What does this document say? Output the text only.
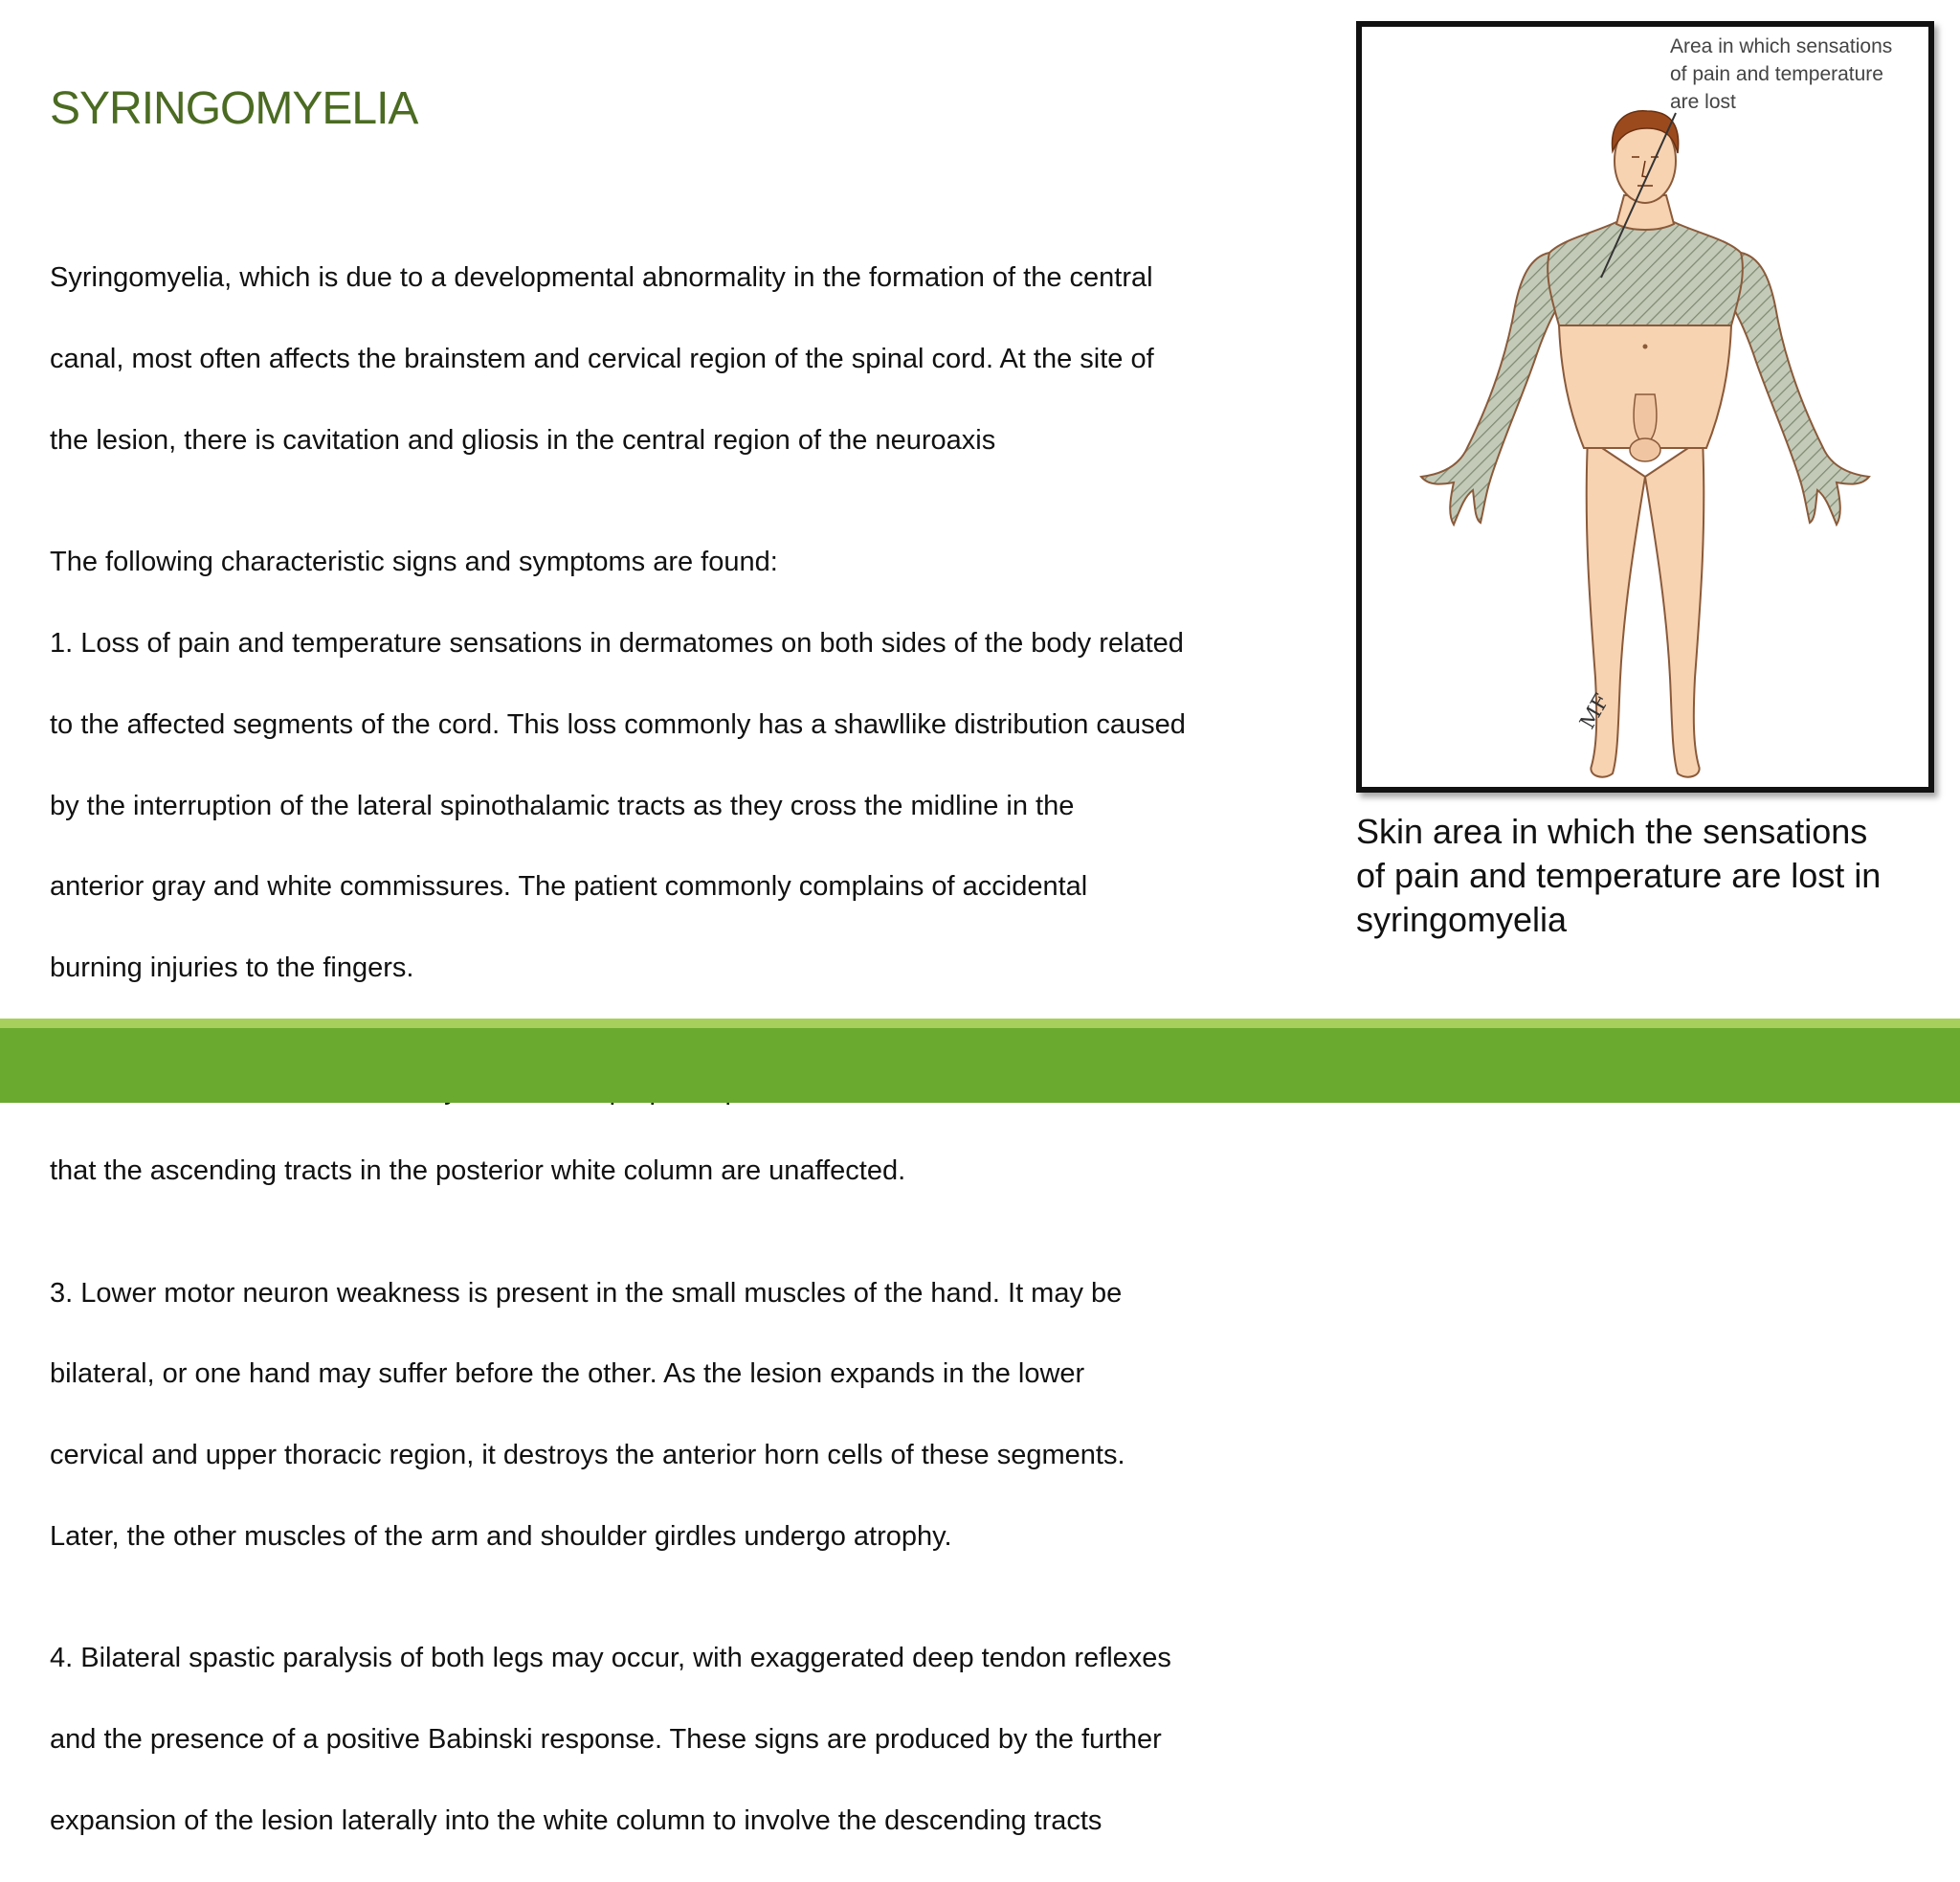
SYRINGOMYELIA

Syringomyelia, which is due to a developmental abnormality in the formation of the central

canal, most often affects the brainstem and cervical region of the spinal cord. At the site of

the lesion, there is cavitation and gliosis in the central region of the neuroaxis

The following characteristic signs and symptoms are found:

1. Loss of pain and temperature sensations in dermatomes on both sides of the body related

to the affected segments of the cord. This loss commonly has a shawllike distribution caused

by the interruption of the lateral spinothalamic tracts as they cross the midline in the

anterior gray and white commissures. The patient commonly complains of accidental

burning injuries to the fingers.

that the ascending tracts in the posterior white column are unaffected.

3. Lower motor neuron weakness is present in the small muscles of the hand. It may be

bilateral, or one hand may suffer before the other. As the lesion expands in the lower

cervical and upper thoracic region, it destroys the anterior horn cells of these segments.

Later, the other muscles of the arm and shoulder girdles undergo atrophy.

4. Bilateral spastic paralysis of both legs may occur, with exaggerated deep tendon reflexes

and the presence of a positive Babinski response. These signs are produced by the further

expansion of the lesion laterally into the white column to involve the descending tracts

MF
Area in which sensations
of pain and temperature
are lost
Skin area in which the sensations
of pain and temperature are lost in
syringomyelia
